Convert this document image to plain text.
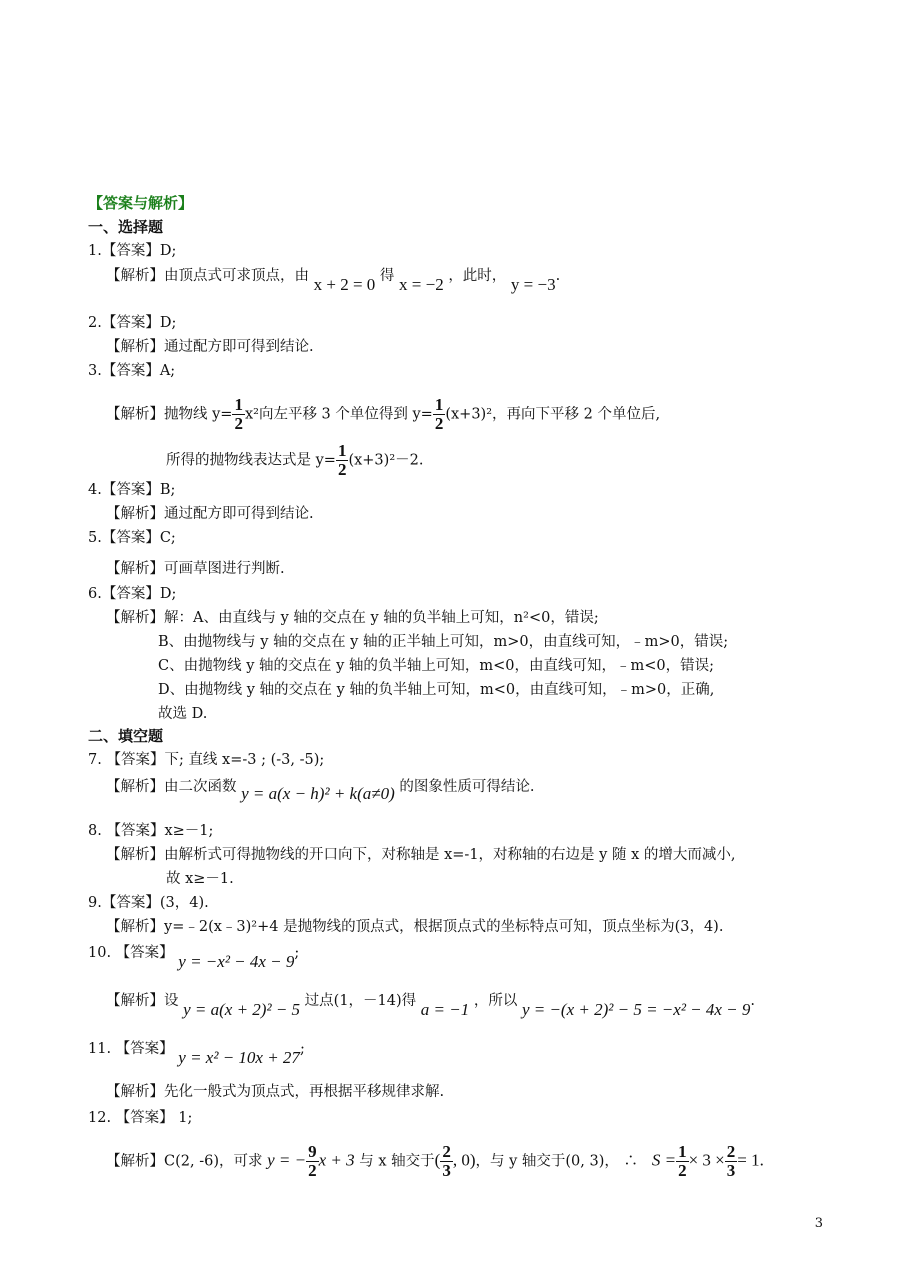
【答案与解析】
一、选择题
1.【答案】D;
【解析】由顶点式可求顶点，由 x + 2 = 0 得 x = −2 ，此时， y = −3.
2.【答案】D;
【解析】通过配方即可得到结论.
3.【答案】A;
【解析】抛物线 $y= \frac{1}{2} x^2$向左平移 3 个单位得到 $y= \frac{1}{2} (x+3)^2$，再向下平移 2 个单位后,
所得的抛物线表达式是 $y= \frac{1}{2} (x+3)^2-2$.
4.【答案】B;
【解析】通过配方即可得到结论.
5.【答案】C;
【解析】可画草图进行判断.
6.【答案】D;
【解析】解：A、由直线与 y 轴的交点在 y 轴的负半轴上可知，n²<0，错误;
B、由抛物线与 y 轴的交点在 y 轴的正半轴上可知，m>0，由直线可知，﹣m>0，错误;
C、由抛物线 y 轴的交点在 y 轴的负半轴上可知，m<0，由直线可知，﹣m<0，错误;
D、由抛物线 y 轴的交点在 y 轴的负半轴上可知，m<0，由直线可知，﹣m>0，正确,
故选 D.
二、填空题
7. 【答案】下; 直线 x=-3 ; (-3, -5);
【解析】由二次函数 y = a(x − h)² + k(a≠0) 的图象性质可得结论.
8. 【答案】x≥－1;
【解析】由解析式可得抛物线的开口向下，对称轴是 x=-1，对称轴的右边是 y 随 x 的增大而减小,
故 x≥－1.
9.【答案】(3，4).
【解析】y=﹣2(x﹣3)²+4 是抛物线的顶点式，根据顶点式的坐标特点可知，顶点坐标为(3，4).
10. 【答案】 y = −x² − 4x − 9;
【解析】设 y = a(x + 2)² − 5 过点(1，－14)得 a = −1 ，所以 y = −(x + 2)² − 5 = −x² − 4x − 9.
11. 【答案】 y = x² − 10x + 27;
【解析】先化一般式为顶点式，再根据平移规律求解.
12. 【答案】 1;
【解析】C(2, -6)，可求 y = − $\frac{9}{2}$ x + 3 与 x 轴交于( $\frac{2}{3}$ , 0)，与 y 轴交于(0, 3)， ∴ $S = \frac{1}{2} \times 3 \times \frac{2}{3} = 1$.
3
